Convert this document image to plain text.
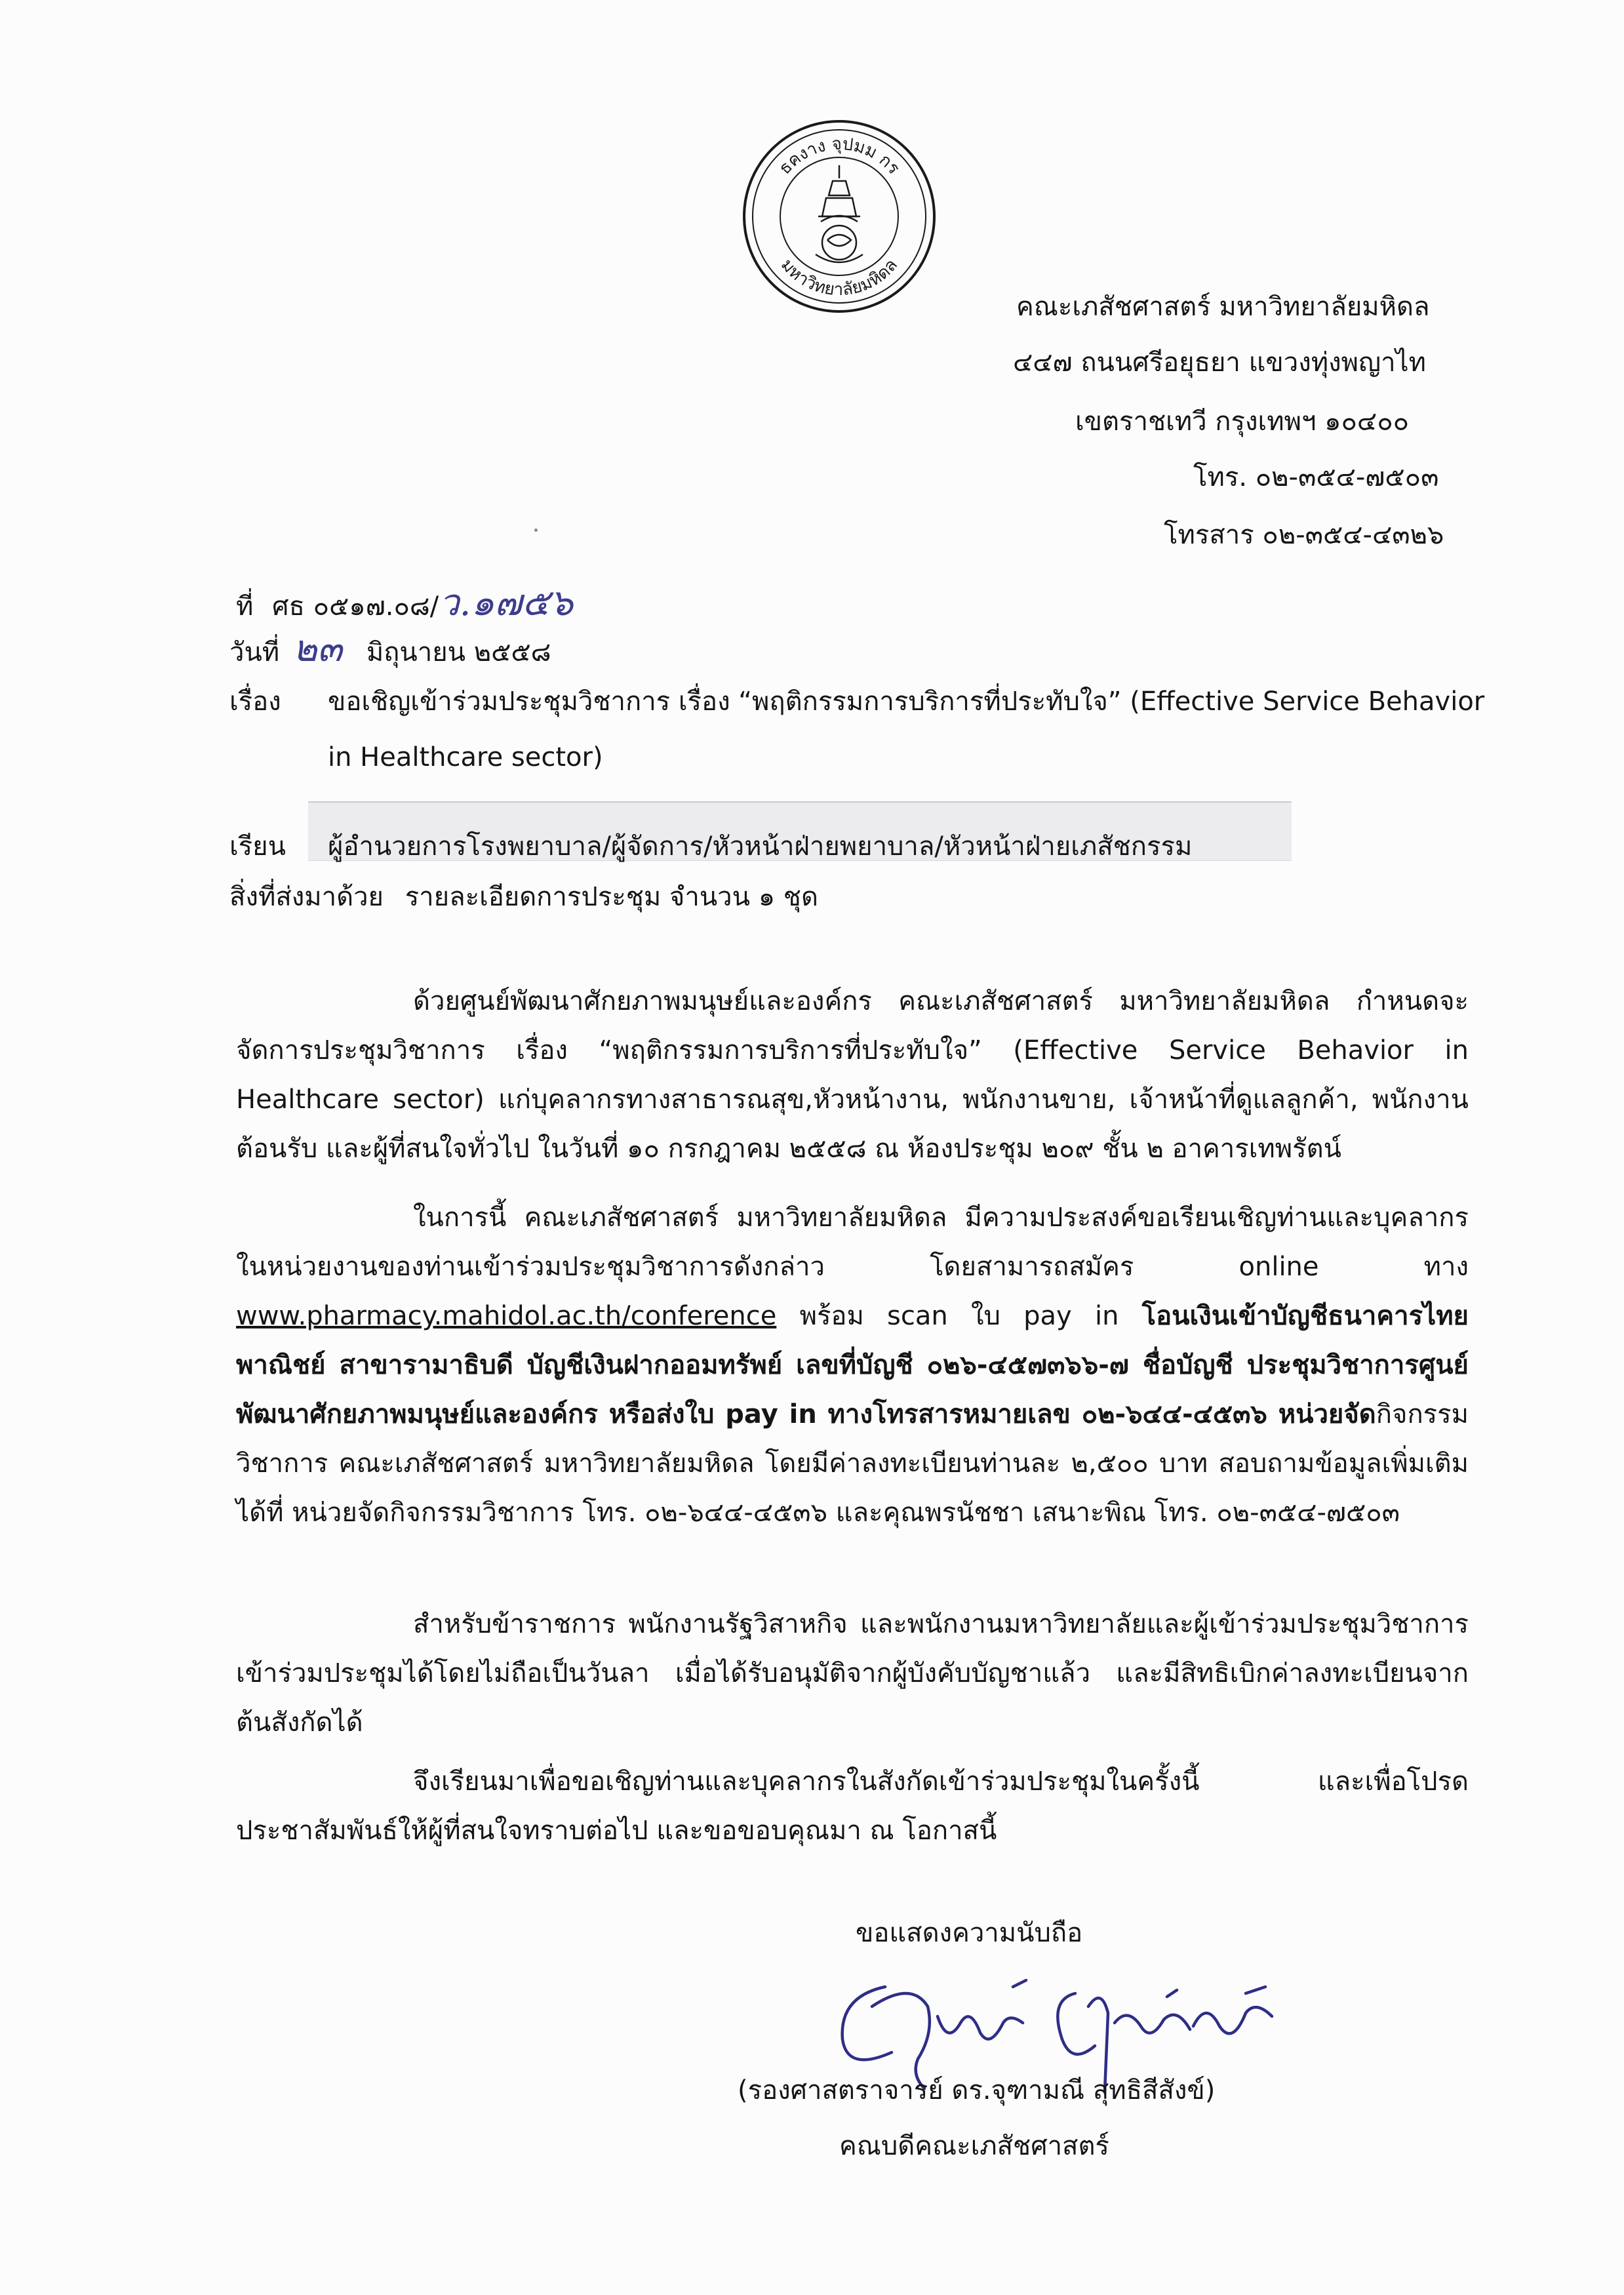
ธคงาง จุปมม กร
มหาวิทยาลัยมหิดล
คณะเภสัชศาสตร์ มหาวิทยาลัยมหิดล
๔๔๗ ถนนศรีอยุธยา แขวงทุ่งพญาไท
เขตราชเทวี กรุงเทพฯ ๑๐๔๐๐
โทร. ๐๒-๓๕๔-๗๕๐๓
โทรสาร ๐๒-๓๕๔-๔๓๒๖
ที่ ศธ ๐๕๑๗.๐๘/ว.๑๗๕๖
วันที่ ๒๓ มิถุนายน ๒๕๕๘
เรื่อง ขอเชิญเข้าร่วมประชุมวิชาการ เรื่อง “พฤติกรรมการบริการที่ประทับใจ” (Effective Service Behavior
in Healthcare sector)
เรียน ผู้อำนวยการโรงพยาบาล/ผู้จัดการ/หัวหน้าฝ่ายพยาบาล/หัวหน้าฝ่ายเภสัชกรรม
สิ่งที่ส่งมาด้วย รายละเอียดการประชุม จำนวน ๑ ชุด
ด้วยศูนย์พัฒนาศักยภาพมนุษย์และองค์กร คณะเภสัชศาสตร์ มหาวิทยาลัยมหิดล กำหนดจะจัดการประชุมวิชาการ เรื่อง “พฤติกรรมการบริการที่ประทับใจ” (Effective Service Behavior in Healthcare sector) แก่บุคลากรทางสาธารณสุข,หัวหน้างาน, พนักงานขาย, เจ้าหน้าที่ดูแลลูกค้า, พนักงานต้อนรับ และผู้ที่สนใจทั่วไป ในวันที่ ๑๐ กรกฎาคม ๒๕๕๘ ณ ห้องประชุม ๒๐๙ ชั้น ๒ อาคารเทพรัตน์
ในการนี้ คณะเภสัชศาสตร์ มหาวิทยาลัยมหิดล มีความประสงค์ขอเรียนเชิญท่านและบุคลากรในหน่วยงานของท่านเข้าร่วมประชุมวิชาการดังกล่าว โดยสามารถสมัคร online ทาง www.pharmacy.mahidol.ac.th/conference พร้อม scan ใบ pay in โอนเงินเข้าบัญชีธนาคารไทยพาณิชย์ สาขารามาธิบดี บัญชีเงินฝากออมทรัพย์ เลขที่บัญชี ๐๒๖-๔๕๗๓๖๖-๗ ชื่อบัญชี ประชุมวิชาการศูนย์พัฒนาศักยภาพมนุษย์และองค์กร หรือส่งใบ pay in ทางโทรสารหมายเลข ๐๒-๖๔๔-๔๕๓๖ หน่วยจัดกิจกรรมวิชาการ คณะเภสัชศาสตร์ มหาวิทยาลัยมหิดล โดยมีค่าลงทะเบียนท่านละ ๒,๕๐๐ บาท สอบถามข้อมูลเพิ่มเติมได้ที่ หน่วยจัดกิจกรรมวิชาการ โทร. ๐๒-๖๔๔-๔๕๓๖ และคุณพรนัชชา เสนาะพิณ โทร. ๐๒-๓๕๔-๗๕๐๓
สำหรับข้าราชการ พนักงานรัฐวิสาหกิจ และพนักงานมหาวิทยาลัยและผู้เข้าร่วมประชุมวิชาการเข้าร่วมประชุมได้โดยไม่ถือเป็นวันลา เมื่อได้รับอนุมัติจากผู้บังคับบัญชาแล้ว และมีสิทธิเบิกค่าลงทะเบียนจากต้นสังกัดได้
จึงเรียนมาเพื่อขอเชิญท่านและบุคลากรในสังกัดเข้าร่วมประชุมในครั้งนี้ และเพื่อโปรดประชาสัมพันธ์ให้ผู้ที่สนใจทราบต่อไป และขอขอบคุณมา ณ โอกาสนี้
ขอแสดงความนับถือ
(รองศาสตราจารย์ ดร.จุฑามณี สุทธิสีสังข์)
คณบดีคณะเภสัชศาสตร์
